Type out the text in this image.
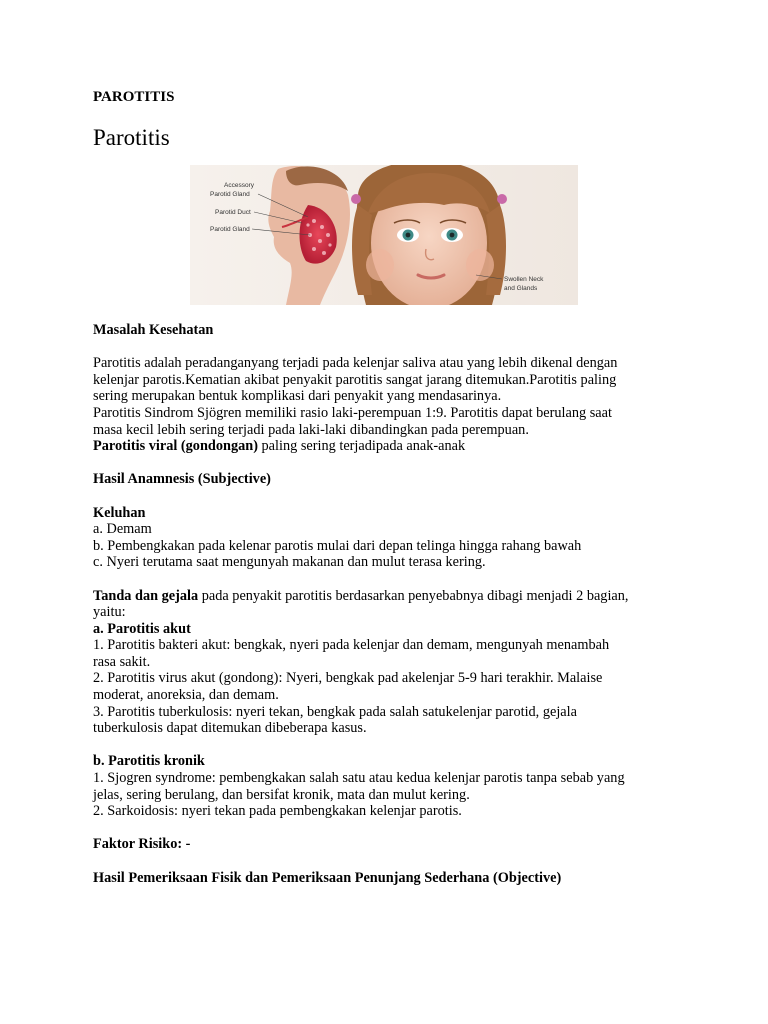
PAROTITIS

Parotitis
Accessory
Parotid Gland
Parotid Duct
Parotid Gland
Swollen Neck
and Glands

Masalah Kesehatan

Parotitis adalah peradanganyang terjadi pada kelenjar saliva atau yang lebih dikenal dengan

kelenjar parotis.Kematian akibat penyakit parotitis sangat jarang ditemukan.Parotitis paling

sering merupakan bentuk komplikasi dari penyakit yang mendasarinya.

Parotitis Sindrom Sjögren memiliki rasio laki-perempuan 1:9. Parotitis dapat berulang saat

masa kecil lebih sering terjadi pada laki-laki dibandingkan pada perempuan.

Parotitis viral (gondongan) paling sering terjadipada anak-anak

Hasil Anamnesis (Subjective)

Keluhan

a. Demam

b. Pembengkakan pada kelenar parotis mulai dari depan telinga hingga rahang bawah

c. Nyeri terutama saat mengunyah makanan dan mulut terasa kering.

Tanda dan gejala pada penyakit parotitis berdasarkan penyebabnya dibagi menjadi 2 bagian,

yaitu:

a. Parotitis akut

1. Parotitis bakteri akut: bengkak, nyeri pada kelenjar dan demam, mengunyah menambah

rasa sakit.

2. Parotitis virus akut (gondong): Nyeri, bengkak pad akelenjar 5-9 hari terakhir. Malaise

moderat, anoreksia, dan demam.

3. Parotitis tuberkulosis: nyeri tekan, bengkak pada salah satukelenjar parotid, gejala

tuberkulosis dapat ditemukan dibeberapa kasus.

b. Parotitis kronik

1. Sjogren syndrome: pembengkakan salah satu atau kedua kelenjar parotis tanpa sebab yang

jelas, sering berulang, dan bersifat kronik, mata dan mulut kering.

2. Sarkoidosis: nyeri tekan pada pembengkakan kelenjar parotis.

Faktor Risiko: -

Hasil Pemeriksaan Fisik dan Pemeriksaan Penunjang Sederhana (Objective)
